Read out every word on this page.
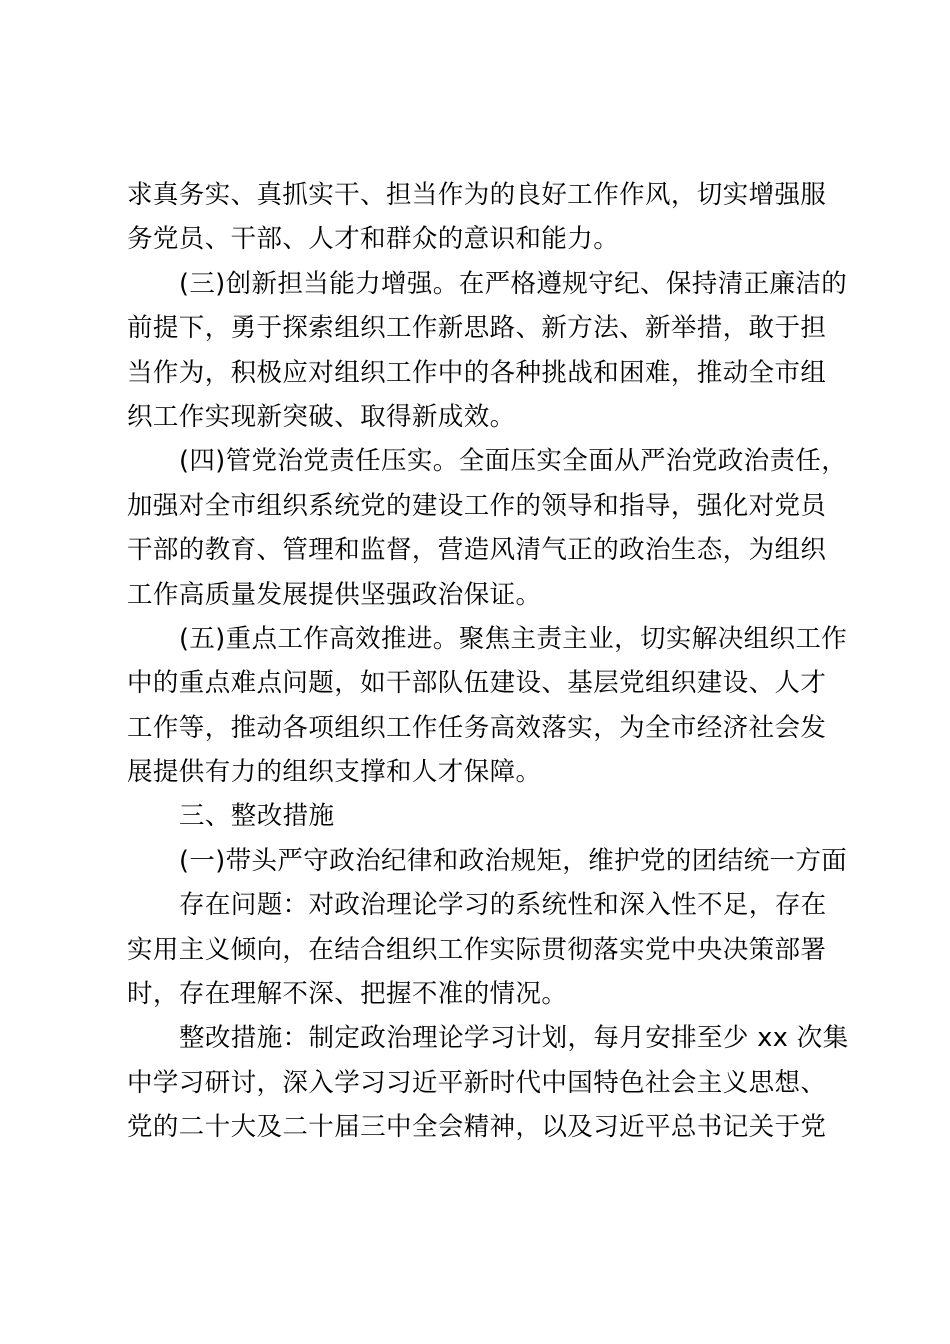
求真务实、真抓实干、担当作为的良好工作作风，切实增强服
务党员、干部、人才和群众的意识和能力。
(三)创新担当能力增强。在严格遵规守纪、保持清正廉洁的
前提下，勇于探索组织工作新思路、新方法、新举措，敢于担
当作为，积极应对组织工作中的各种挑战和困难，推动全市组
织工作实现新突破、取得新成效。
(四)管党治党责任压实。全面压实全面从严治党政治责任，
加强对全市组织系统党的建设工作的领导和指导，强化对党员
干部的教育、管理和监督，营造风清气正的政治生态，为组织
工作高质量发展提供坚强政治保证。
(五)重点工作高效推进。聚焦主责主业，切实解决组织工作
中的重点难点问题，如干部队伍建设、基层党组织建设、人才
工作等，推动各项组织工作任务高效落实，为全市经济社会发
展提供有力的组织支撑和人才保障。
三、整改措施
(一)带头严守政治纪律和政治规矩，维护党的团结统一方面
存在问题：对政治理论学习的系统性和深入性不足，存在
实用主义倾向，在结合组织工作实际贯彻落实党中央决策部署
时，存在理解不深、把握不准的情况。
整改措施：制定政治理论学习计划，每月安排至少 xx 次集
中学习研讨，深入学习习近平新时代中国特色社会主义思想、
党的二十大及二十届三中全会精神，以及习近平总书记关于党
